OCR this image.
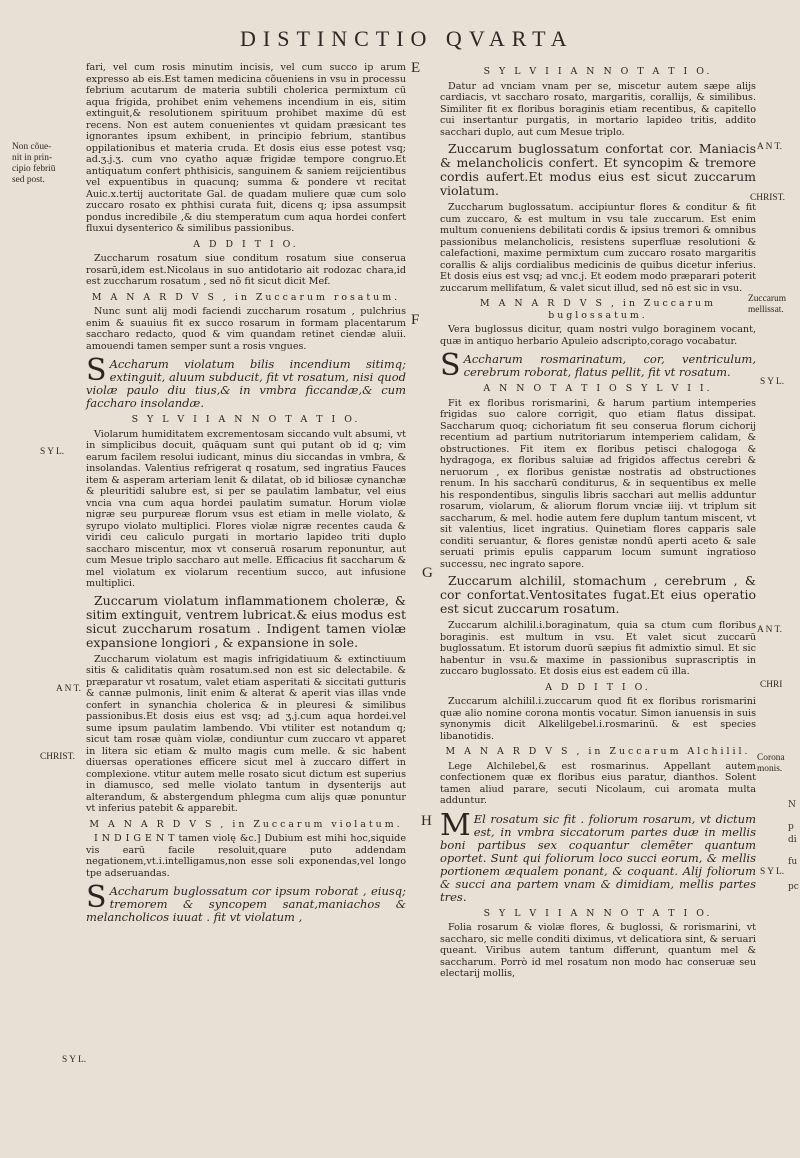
DISTINCTIO QVARTA
E
F
G
H
Non cõue-
nit in prin-
cipio febriū
sed post.
S Y L.
A N T.
CHRIST.
S Y L.
A N T.
CHRIST.
Zuccarum
mellissat.
S Y L.
A N T.
CHRI
Corona
monis.
S Y L.
N
p
di
fu
pc

fari, vel cum rosis minutim incisis, vel cum succo ip arum expresso ab eis.Est tamen medicina cõueniens in vsu in processu febrium acutarum de materia subtili cholerica permixtum cū aqua frigida, prohibet enim vehemens incendium in eis, sitim extinguit,& resolutionem spirituum prohibet maxime dū est recens. Non est autem conuenientes vt quidam præsicant tes ignorantes ipsum exhibent, in principio febrium, stantibus oppilationibus et materia cruda. Et dosis eius esse potest vsq; ad.ʒ.j.ʒ. cum vno cyatho aquæ frigidæ tempore congruo.Et antiquatum confert phthisicis, sanguinem & saniem reijcientibus vel expuentibus in quacunq; summa & pondere vt recitat Auic.x.tertij auctoritate Gal. de quadam muliere quæ cum solo zuccaro rosato ex phthisi curata fuit, dicens q; ipsa assumpsit pondus incredibile ,& diu stemperatum cum aqua hordei confert fluxui dysenterico & similibus passionibus.

A D D I T I O.

Zuccharum rosatum siue conditum rosatum siue conserua rosarū,idem est.Nicolaus in suo antidotario ait rodozac chara,id est zuccharum rosatum , sed nō fit sicut dicit Mef.

M A N A R D V S , in Zuccarum rosatum.

Nunc sunt alij modi faciendi zuccharum rosatum , pulchrius enim & suauius fit ex succo rosarum in formam placentarum saccharo redacto, quod & vim quandam retinet ciendæ aluii. amouendi tamen semper sunt a rosis vngues.

S Accharum violatum bilis incendium sitimq; extinguit, aluum subducit, fit vt rosatum, nisi quod violæ paulo diu tius,& in vmbra ficcandæ,& cum faccharo insolandæ.

S Y L V I I A N N O T A T I O.

Violarum humiditatem excrementosam siccando vult absumi, vt in simplicibus docuit, quāquam sunt qui putant ob id q; vim earum facilem resolui iudicant, minus diu siccandas in vmbra, & insolandas. Valentius refrigerat q rosatum, sed ingratius Fauces item & asperam arteriam lenit & dilatat, ob id biliosæ cynanchæ & pleuritidi salubre est, si per se paulatim lambatur, vel eius vncia vna cum aqua hordei paulatim sumatur. Horum violæ nigræ seu purpureæ florum vsus est etiam in melle violato, & syrupo violato multiplici. Flores violæ nigræ recentes cauda & viridi ceu caliculo purgati in mortario lapideo triti duplo saccharo miscentur, mox vt conseruā rosarum reponuntur, aut cum Mesue triplo saccharo aut melle. Efficacius fit saccharum & mel violatum ex violarum recentium succo, aut infusione multiplici.

Zuccarum violatum inflammationem choleræ, & sitim extinguit, ventrem lubricat.& eius modus est sicut zuccharum rosatum . Indigent tamen violæ expansione longiori , & expansione in sole.

Zuccharum violatum est magis infrigidatiuum & extinctiuum sitis & caliditatis quàm rosatum.sed non est sic delectabile. & præparatur vt rosatum, valet etiam asperitati & siccitati gutturis & cannæ pulmonis, linit enim & alterat & aperit vias illas vnde confert in synanchia cholerica & in pleuresi & similibus passionibus.Et dosis eius est vsq; ad ʒ.j.cum aqua hordei.vel sume ipsum paulatim lambendo. Vbi vtiliter est notandum q; sicut tam rosæ quàm violæ, condiuntur cum zuccaro vt apparet in litera sic etiam & multo magis cum melle. & sic habent diuersas operationes efficere sicut mel à zuccaro differt in complexione. vtitur autem melle rosato sicut dictum est superius in diamusco, sed melle violato tantum in dysenterijs aut alterandum, & abstergendum phlegma cum alijs quæ ponuntur vt inferius patebit & apparebit.

M A N A R D V S , in Zuccarum violatum.

I N D I G E N T tamen violę &c.] Dubium est mihi hoc,siquide vis earū facile resoluit,quare puto addendam negationem,vt.i.intelligamus,non esse soli exponendas,vel longo tpe adseruandas.

S Accharum buglossatum cor ipsum roborat , eiusq; tremorem & syncopem sanat,maniachos & melancholicos iuuat . fit vt violatum ,

S Y L V I I A N N O T A T I O.

Datur ad vnciam vnam per se, miscetur autem sæpe alijs cardiacis, vt saccharo rosato, margaritis, corallijs, & similibus. Similiter fit ex floribus boraginis etiam recentibus, & capitello cui insertantur purgatis, in mortario lapideo tritis, addito sacchari duplo, aut cum Mesue triplo.

Zuccarum buglossatum confortat cor. Maniacis & melancholicis confert. Et syncopim & tremore cordis aufert.Et modus eius est sicut zuccarum violatum.

Zuccharum buglossatum. accipiuntur flores & conditur & fit cum zuccaro, & est multum in vsu tale zuccarum. Est enim multum conueniens debilitati cordis & ipsius tremori & omnibus passionibus melancholicis, resistens superfluæ resolutioni & calefactioni, maxime permixtum cum zuccaro rosato margaritis corallis & alijs cordialibus medicinis de quibus dicetur inferius. Et dosis eius est vsq; ad vnc.j. Et eodem modo præparari poterit zuccarum mellifatum, & valet sicut illud, sed nō est sic in vsu.

M A N A R D V S , in Zuccarum buglossatum.

Vera buglossus dicitur, quam nostri vulgo boraginem vocant, quæ in antiquo herbario Apuleio adscripto,corago vocabatur.

S Accharum rosmarinatum, cor, ventriculum, cerebrum roborat, flatus pellit, fit vt rosatum.

A N N O T A T I O S Y L V I I.

Fit ex floribus rorismarini, & harum partium intemperies frigidas suo calore corrigit, quo etiam flatus dissipat. Saccharum quoq; cichoriatum fit seu conserua florum cichorij recentium ad partium nutritoriarum intemperiem calidam, & obstructiones. Fit item ex floribus petisci chalogoga & hydragoga, ex floribus saluiæ ad frigidos affectus cerebri & neruorum , ex floribus genistæ nostratis ad obstructiones renum. In his saccharū conditurus, & in sequentibus ex melle his respondentibus, singulis libris sacchari aut mellis adduntur rosarum, violarum, & aliorum florum vnciæ iiij. vt triplum sit saccharum, & mel. hodie autem fere duplum tantum miscent, vt sit valentius, licet ingratius. Quinetiam flores capparis sale conditi seruantur, & flores genistæ nondū aperti aceto & sale seruati primis epulis capparum locum sumunt ingratioso successu, nec ingrato sapore.

Zuccarum alchilil, stomachum , cerebrum , & cor confortat.Ventositates fugat.Et eius operatio est sicut zuccarum rosatum.

Zuccarum alchilil.i.boraginatum, quia sa ctum cum floribus boraginis. est multum in vsu. Et valet sicut zuccarū buglossatum. Et istorum duorū sæpius fit admixtio simul. Et sic habentur in vsu.& maxime in passionibus suprascriptis in zuccaro buglossato. Et dosis eius est eadem cū illa.

A D D I T I O.

Zuccarum alchilil.i.zuccarum quod fit ex floribus rorismarini quæ alio nomine corona montis vocatur. Simon ianuensis in suis synonymis dicit Alkelilgebel.i.rosmarinū. & est species libanotidis.

M A N A R D V S , in Zuccarum Alchilil.

Lege Alchilebel,& est rosmarinus. Appellant autem confectionem quæ ex floribus eius paratur, dianthos. Solent tamen aliud parare, secuti Nicolaum, cui aromata multa adduntur.

M El rosatum sic fit . foliorum rosarum, vt dictum est, in vmbra siccatorum partes duæ in mellis boni partibus sex coquantur clemēter quantum oportet. Sunt qui foliorum loco succi eorum, & mellis portionem æqualem ponant, & coquant. Alij foliorum & succi ana partem vnam & dimidiam, mellis partes tres.

S Y L V I I A N N O T A T I O.

Folia rosarum & violæ flores, & buglossi, & rorismarini, vt saccharo, sic melle conditi diximus, vt delicatiora sint, & seruari queant. Viribus autem tantum differunt, quantum mel & saccharum. Porrò id mel rosatum non modo hac conseruæ seu electarij mollis,
